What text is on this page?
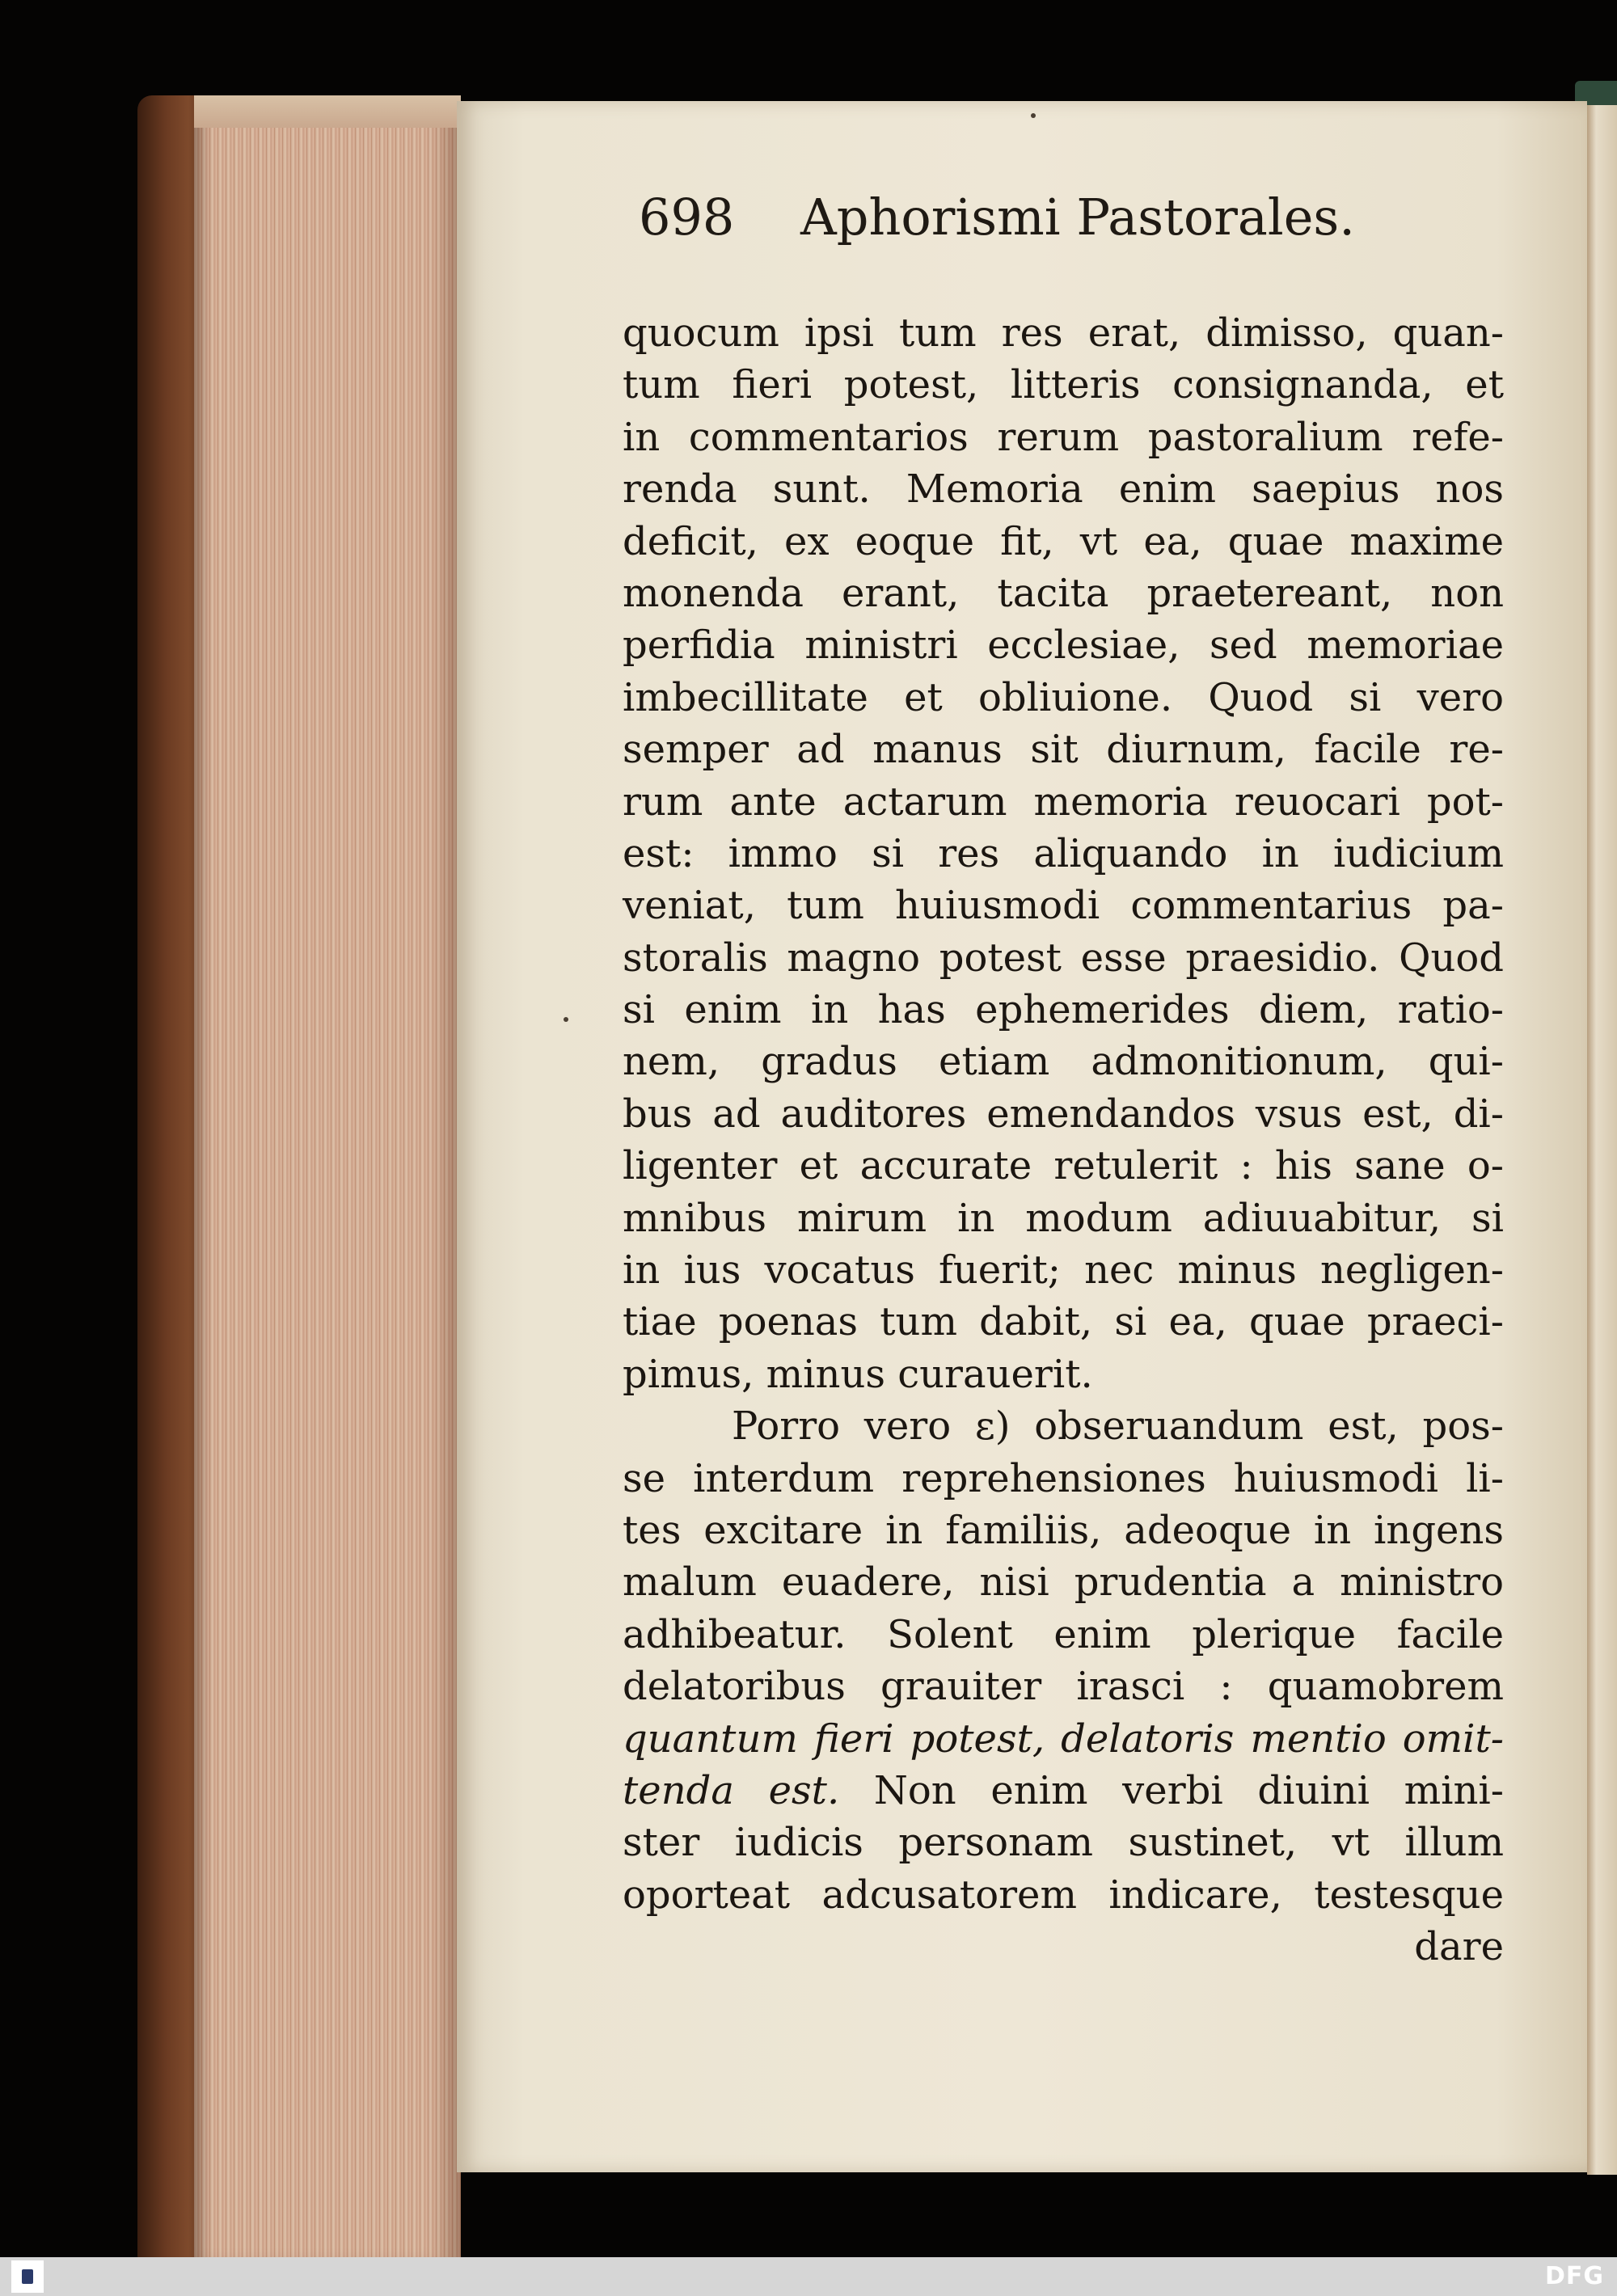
698 Aphorismi Pastorales.
quocum ipsi tum res erat, dimisso, quan-
tum fieri potest, litteris consignanda, et
in commentarios rerum pastoralium refe-
renda sunt. Memoria enim saepius nos
deficit, ex eoque fit, vt ea, quae maxime
monenda erant, tacita praetereant, non
perfidia ministri ecclesiae, sed memoriae
imbecillitate et obliuione. Quod si vero
semper ad manus sit diurnum, facile re-
rum ante actarum memoria reuocari pot-
est: immo si res aliquando in iudicium
veniat, tum huiusmodi commentarius pa-
storalis magno potest esse praesidio. Quod
si enim in has ephemerides diem, ratio-
nem, gradus etiam admonitionum, qui-
bus ad auditores emendandos vsus est, di-
ligenter et accurate retulerit : his sane o-
mnibus mirum in modum adiuuabitur, si
in ius vocatus fuerit; nec minus negligen-
tiae poenas tum dabit, si ea, quae praeci-
pimus, minus curauerit.
Porro vero ε) obseruandum est, pos-
se interdum reprehensiones huiusmodi li-
tes excitare in familiis, adeoque in ingens
malum euadere, nisi prudentia a ministro
adhibeatur. Solent enim plerique facile
delatoribus grauiter irasci : quamobrem
quantum fieri potest, delatoris mentio omit-
tenda est. Non enim verbi diuini mini-
ster iudicis personam sustinet, vt illum
oporteat adcusatorem indicare, testesque
dare
DFG
